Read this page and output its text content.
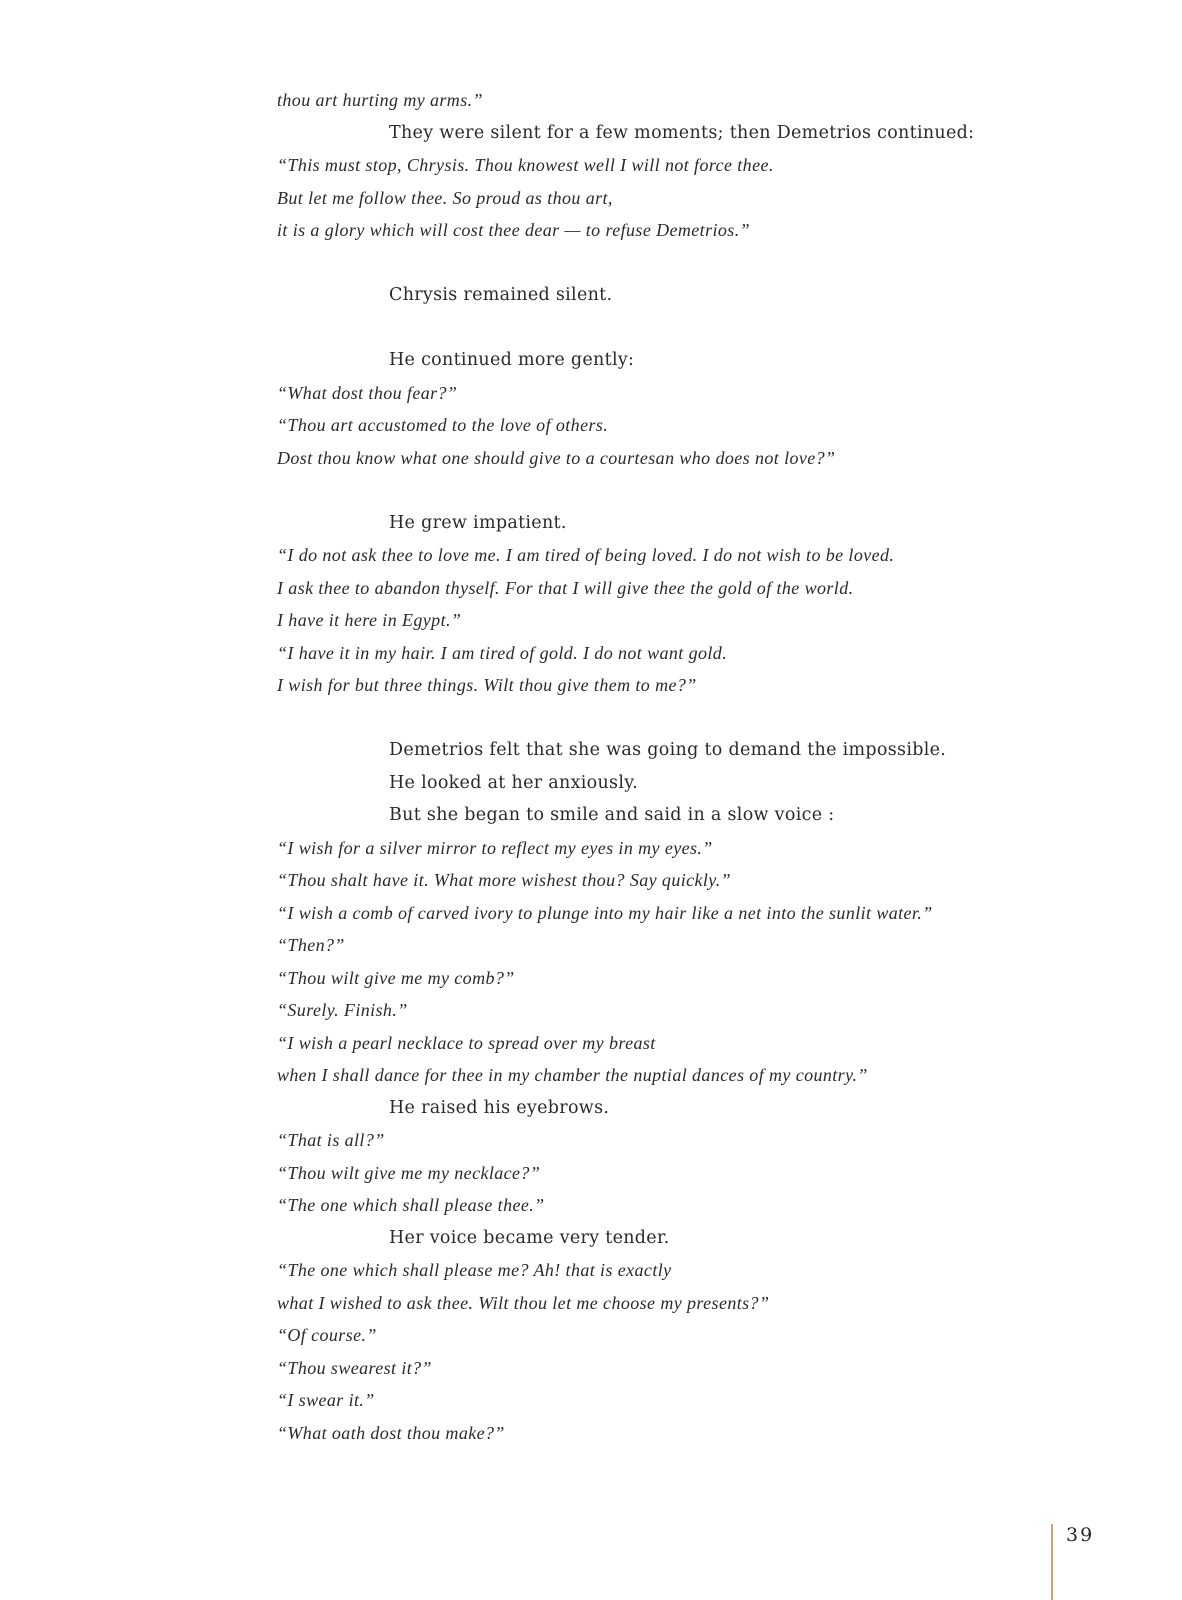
thou art hurting my arms.”
They were silent for a few moments; then Demetrios continued:
“This must stop, Chrysis. Thou knowest well I will not force thee.
But let me follow thee. So proud as thou art,
it is a glory which will cost thee dear — to refuse Demetrios.”
Chrysis remained silent.
He continued more gently:
“What dost thou fear?”
“Thou art accustomed to the love of others.
Dost thou know what one should give to a courtesan who does not love?”
He grew impatient.
“I do not ask thee to love me. I am tired of being loved. I do not wish to be loved.
I ask thee to abandon thyself. For that I will give thee the gold of the world.
I have it here in Egypt.”
“I have it in my hair. I am tired of gold. I do not want gold.
I wish for but three things. Wilt thou give them to me?”
Demetrios felt that she was going to demand the impossible.
He looked at her anxiously.
But she began to smile and said in a slow voice :
“I wish for a silver mirror to reflect my eyes in my eyes.”
“Thou shalt have it. What more wishest thou? Say quickly.”
“I wish a comb of carved ivory to plunge into my hair like a net into the sunlit water.”
“Then?”
“Thou wilt give me my comb?”
“Surely. Finish.”
“I wish a pearl necklace to spread over my breast
when I shall dance for thee in my chamber the nuptial dances of my country.”
He raised his eyebrows.
“That is all?”
“Thou wilt give me my necklace?”
“The one which shall please thee.”
Her voice became very tender.
“The one which shall please me? Ah! that is exactly
what I wished to ask thee. Wilt thou let me choose my presents?”
“Of course.”
“Thou swearest it?”
“I swear it.”
“What oath dost thou make?”
39
